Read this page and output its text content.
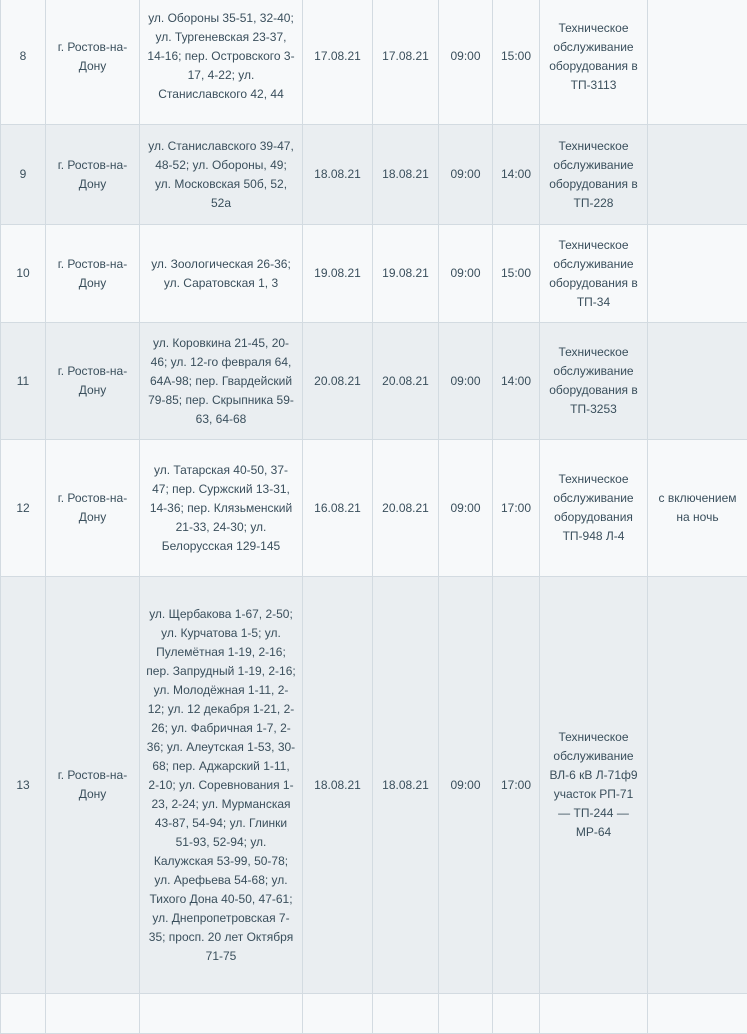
8	г. Ростов-на-Дону	ул. Обороны 35-51, 32-40; ул. Тургеневская 23-37, 14-16; пер. Островского 3-17, 4-22; ул. Станиславского 42, 44	17.08.21	17.08.21	09:00	15:00	Техническое обслуживание оборудования в ТП-3113	
9	г. Ростов-на-Дону	ул. Станиславского 39-47, 48-52; ул. Обороны, 49; ул. Московская 50б, 52, 52а	18.08.21	18.08.21	09:00	14:00	Техническое обслуживание оборудования в ТП-228	
10	г. Ростов-на-Дону	ул. Зоологическая 26-36; ул. Саратовская 1, 3	19.08.21	19.08.21	09:00	15:00	Техническое обслуживание оборудования в ТП-34	
11	г. Ростов-на-Дону	ул. Коровкина 21-45, 20-46; ул. 12-го февраля 64, 64А-98; пер. Гвардейский 79-85; пер. Скрыпника 59-63, 64-68	20.08.21	20.08.21	09:00	14:00	Техническое обслуживание оборудования в ТП-3253	
12	г. Ростов-на-Дону	ул. Татарская 40-50, 37-47; пер. Суржский 13-31, 14-36; пер. Клязьменский 21-33, 24-30; ул. Белорусская 129-145	16.08.21	20.08.21	09:00	17:00	Техническое обслуживание оборудования ТП-948 Л-4	с включением на ночь
13	г. Ростов-на-Дону	ул. Щербакова 1-67, 2-50; ул. Курчатова 1-5; ул. Пулемётная 1-19, 2-16; пер. Запрудный 1-19, 2-16; ул. Молодёжная 1-11, 2-12; ул. 12 декабря 1-21, 2-26; ул. Фабричная 1-7, 2-36; ул. Алеутская 1-53, 30-68; пер. Аджарский 1-11, 2-10; ул. Соревнования 1-23, 2-24; ул. Мурманская 43-87, 54-94; ул. Глинки 51-93, 52-94; ул. Калужская 53-99, 50-78; ул. Арефьева 54-68; ул. Тихого Дона 40-50, 47-61; ул. Днепропетровская 7-35; просп. 20 лет Октября 71-75	18.08.21	18.08.21	09:00	17:00	Техническое обслуживание ВЛ-6 кВ Л-71ф9 участок РП-71 — ТП-244 — МР-64	
